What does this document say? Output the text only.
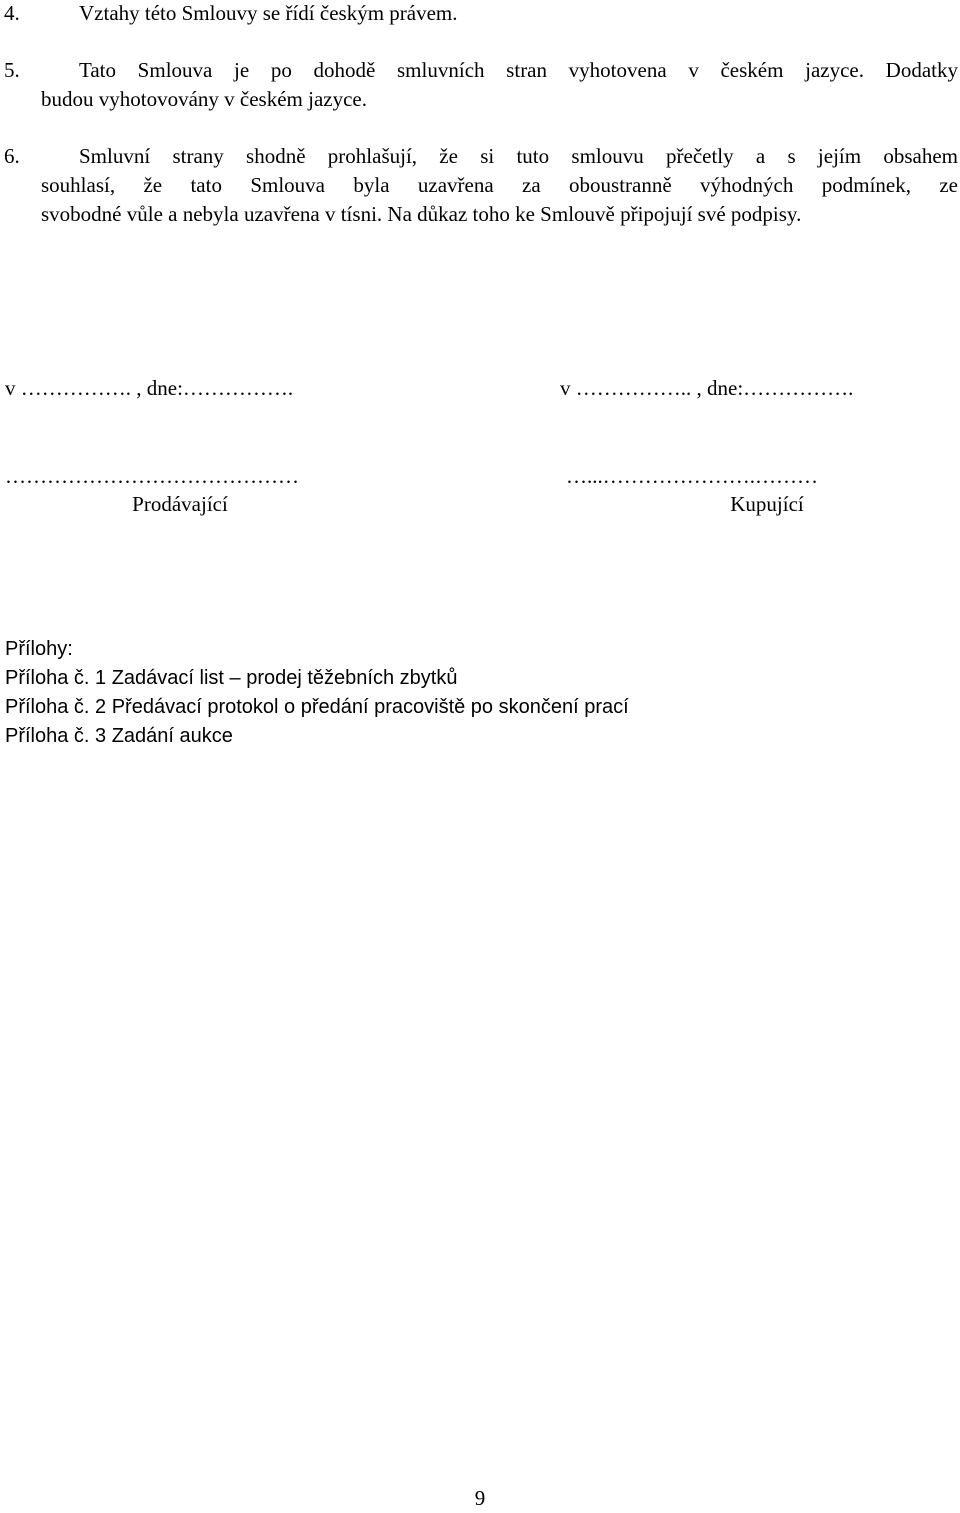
4.	Vztahy této Smlouvy se řídí českým právem.
5.	Tato Smlouva je po dohodě smluvních stran vyhotovena v českém jazyce. Dodatky
budou vyhotovovány v českém jazyce.
6.	Smluvní strany shodně prohlašují, že si tuto smlouvu přečetly a s jejím obsahem
souhlasí, že tato Smlouva byla uzavřena za oboustranně výhodných podmínek, ze
svobodné vůle a nebyla uzavřena v tísni. Na důkaz toho ke Smlouvě připojují své podpisy.
v ……………. , dne:…………….	v …………….. , dne:…………….
……………………………………	…...………………….………
Prodávající	Kupující
Přílohy:
Příloha č. 1 Zadávací list – prodej těžebních zbytků
Příloha č. 2 Předávací protokol o předání pracoviště po skončení prací
Příloha č. 3 Zadání aukce
9
